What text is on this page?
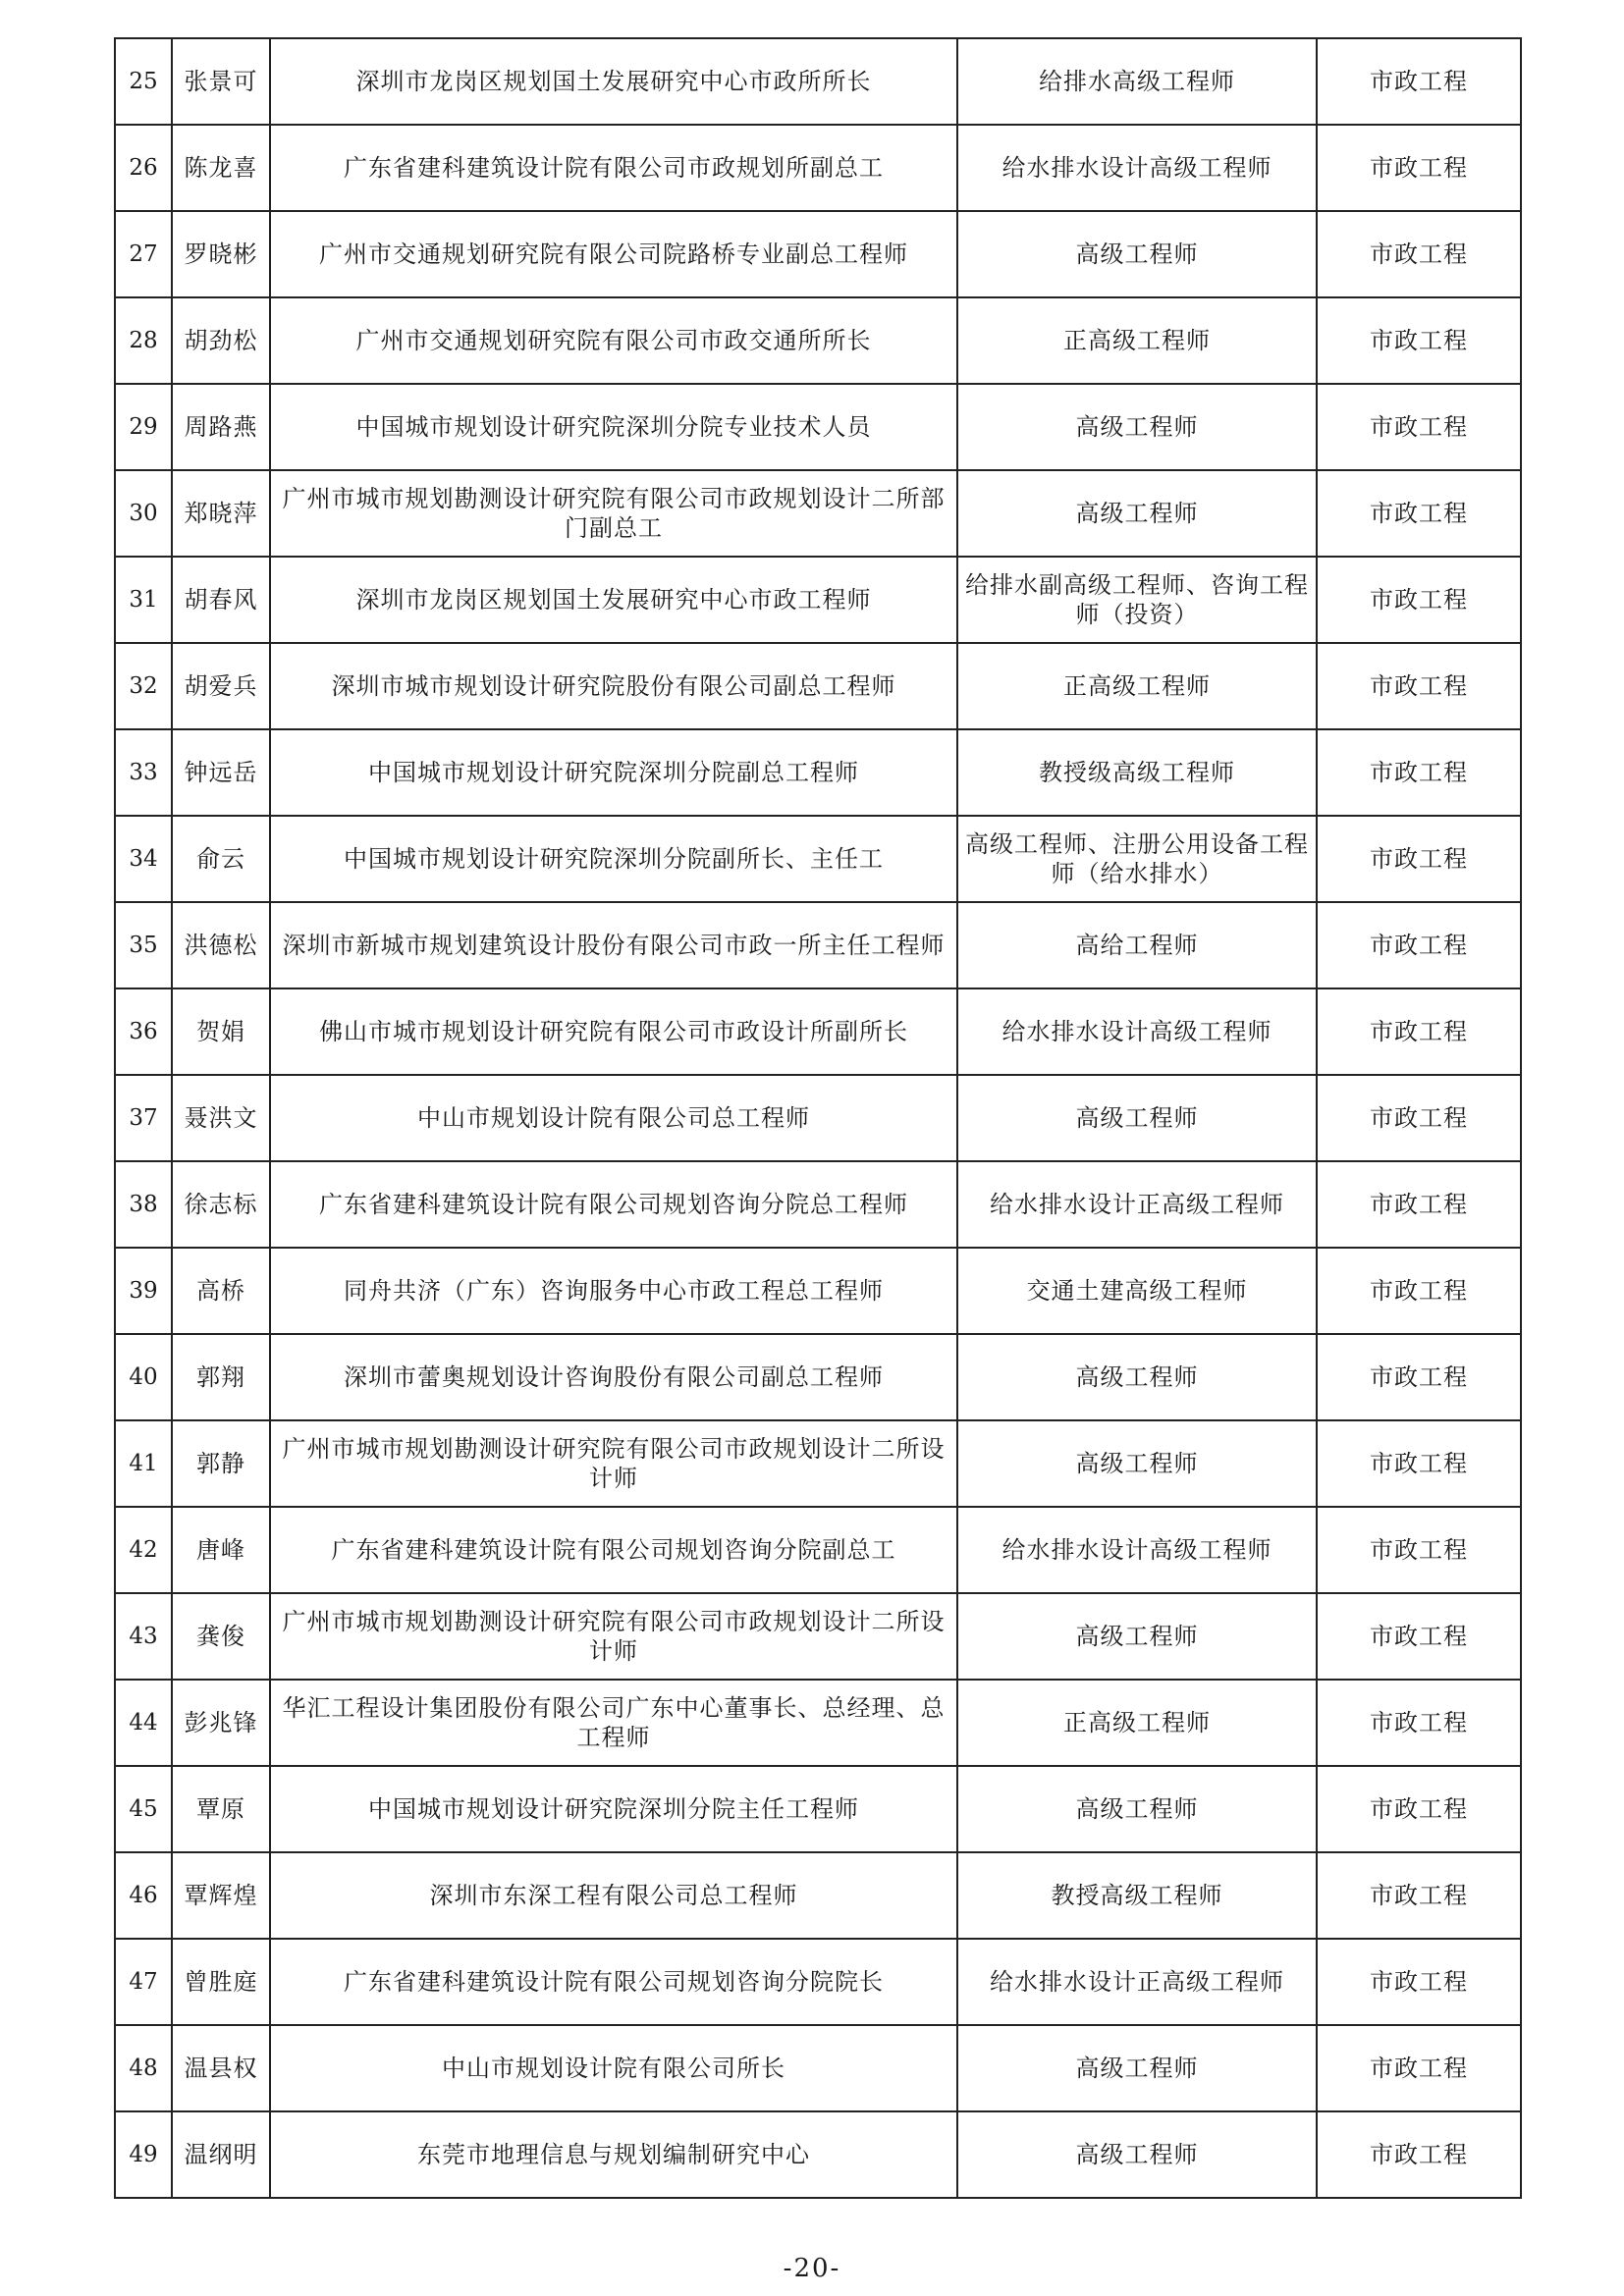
25	张景可	深圳市龙岗区规划国土发展研究中心市政所所长	给排水高级工程师	市政工程
26	陈龙喜	广东省建科建筑设计院有限公司市政规划所副总工	给水排水设计高级工程师	市政工程
27	罗晓彬	广州市交通规划研究院有限公司院路桥专业副总工程师	高级工程师	市政工程
28	胡劲松	广州市交通规划研究院有限公司市政交通所所长	正高级工程师	市政工程
29	周路燕	中国城市规划设计研究院深圳分院专业技术人员	高级工程师	市政工程
30	郑晓萍	广州市城市规划勘测设计研究院有限公司市政规划设计二所部门副总工	高级工程师	市政工程
31	胡春风	深圳市龙岗区规划国土发展研究中心市政工程师	给排水副高级工程师、咨询工程师（投资）	市政工程
32	胡爱兵	深圳市城市规划设计研究院股份有限公司副总工程师	正高级工程师	市政工程
33	钟远岳	中国城市规划设计研究院深圳分院副总工程师	教授级高级工程师	市政工程
34	俞云	中国城市规划设计研究院深圳分院副所长、主任工	高级工程师、注册公用设备工程师（给水排水）	市政工程
35	洪德松	深圳市新城市规划建筑设计股份有限公司市政一所主任工程师	高给工程师	市政工程
36	贺娟	佛山市城市规划设计研究院有限公司市政设计所副所长	给水排水设计高级工程师	市政工程
37	聂洪文	中山市规划设计院有限公司总工程师	高级工程师	市政工程
38	徐志标	广东省建科建筑设计院有限公司规划咨询分院总工程师	给水排水设计正高级工程师	市政工程
39	高桥	同舟共济（广东）咨询服务中心市政工程总工程师	交通土建高级工程师	市政工程
40	郭翔	深圳市蕾奥规划设计咨询股份有限公司副总工程师	高级工程师	市政工程
41	郭静	广州市城市规划勘测设计研究院有限公司市政规划设计二所设计师	高级工程师	市政工程
42	唐峰	广东省建科建筑设计院有限公司规划咨询分院副总工	给水排水设计高级工程师	市政工程
43	龚俊	广州市城市规划勘测设计研究院有限公司市政规划设计二所设计师	高级工程师	市政工程
44	彭兆锋	华汇工程设计集团股份有限公司广东中心董事长、总经理、总工程师	正高级工程师	市政工程
45	覃原	中国城市规划设计研究院深圳分院主任工程师	高级工程师	市政工程
46	覃辉煌	深圳市东深工程有限公司总工程师	教授高级工程师	市政工程
47	曾胜庭	广东省建科建筑设计院有限公司规划咨询分院院长	给水排水设计正高级工程师	市政工程
48	温县权	中山市规划设计院有限公司所长	高级工程师	市政工程
49	温纲明	东莞市地理信息与规划编制研究中心	高级工程师	市政工程
-20-
